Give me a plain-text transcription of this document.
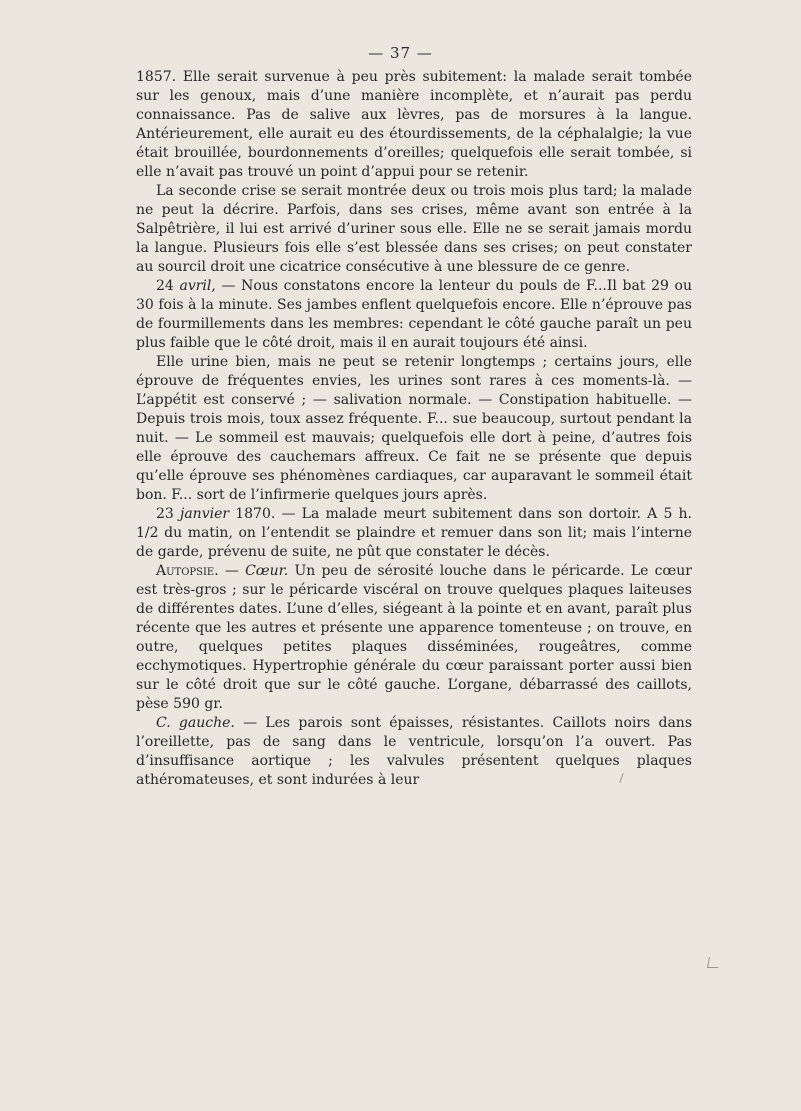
— 37 —

1857. Elle serait survenue à peu près subitement: la malade serait tombée sur les genoux, mais d’une manière incomplète, et n’aurait pas perdu connaissance. Pas de salive aux lèvres, pas de morsures à la langue. Antérieurement, elle aurait eu des étourdissements, de la céphalalgie; la vue était brouillée, bourdonnements d’oreilles; quelquefois elle serait tombée, si elle n’avait pas trouvé un point d’appui pour se retenir.

La seconde crise se serait montrée deux ou trois mois plus tard; la malade ne peut la décrire. Parfois, dans ses crises, même avant son entrée à la Salpêtrière, il lui est arrivé d’uriner sous elle. Elle ne se serait jamais mordu la langue. Plusieurs fois elle s’est blessée dans ses crises; on peut constater au sourcil droit une cicatrice consécutive à une blessure de ce genre.

24 avril, — Nous constatons encore la lenteur du pouls de F...Il bat 29 ou 30 fois à la minute. Ses jambes enflent quelquefois encore. Elle n’éprouve pas de fourmillements dans les membres: cependant le côté gauche paraît un peu plus faible que le côté droit, mais il en aurait toujours été ainsi.

Elle urine bien, mais ne peut se retenir longtemps ; certains jours, elle éprouve de fréquentes envies, les urines sont rares à ces moments-là. — L’appétit est conservé ; — salivation normale. — Constipation habituelle. — Depuis trois mois, toux assez fréquente. F... sue beaucoup, surtout pendant la nuit. — Le sommeil est mauvais; quelquefois elle dort à peine, d’autres fois elle éprouve des cauchemars affreux. Ce fait ne se présente que depuis qu’elle éprouve ses phénomènes cardiaques, car auparavant le sommeil était bon. F... sort de l’infirmerie quelques jours après.

23 janvier 1870. — La malade meurt subitement dans son dortoir. A 5 h. 1/2 du matin, on l’entendit se plaindre et remuer dans son lit; mais l’interne de garde, prévenu de suite, ne pût que constater le décès.

Autopsie. — Cœur. Un peu de sérosité louche dans le péricarde. Le cœur est très-gros ; sur le péricarde viscéral on trouve quelques plaques laiteuses de différentes dates. L’une d’elles, siégeant à la pointe et en avant, paraît plus récente que les autres et présente une apparence tomenteuse ; on trouve, en outre, quelques petites plaques disséminées, rougeâtres, comme ecchymotiques. Hypertrophie générale du cœur paraissant porter aussi bien sur le côté droit que sur le côté gauche. L’organe, débarrassé des caillots, pèse 590 gr.

C. gauche. — Les parois sont épaisses, résistantes. Caillots noirs dans l’oreillette, pas de sang dans le ventricule, lorsqu’on l’a ouvert. Pas d’insuffisance aortique ; les valvules présentent quelques plaques athéromateuses, et sont indurées à leur
